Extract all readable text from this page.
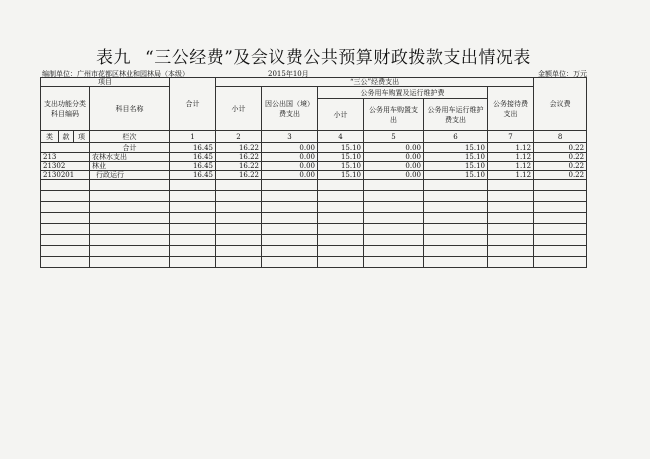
表九 “三公经费”及会议费公共预算财政拨款支出情况表
编制单位：广州市花都区林业和园林局（本级）	2015年10月	金额单位：万元
项目				合计	“三公”经费支出						会议费
支出功能分类科目编码			科目名称		小计	因公出国（境）费支出	公务用车购置及运行维护费			公务接待费支出	
							小计	公务用车购置支出	公务用车运行维护费支出		

类	款	项	栏次	1	2	3	4	5	6	7	8
			合计	16.45	16.22	0.00	15.10	0.00	15.10	1.12	0.22
213			农林水支出	16.45	16.22	0.00	15.10	0.00	15.10	1.12	0.22
21302			林业	16.45	16.22	0.00	15.10	0.00	15.10	1.12	0.22
2130201			行政运行	16.45	16.22	0.00	15.10	0.00	15.10	1.12	0.22
